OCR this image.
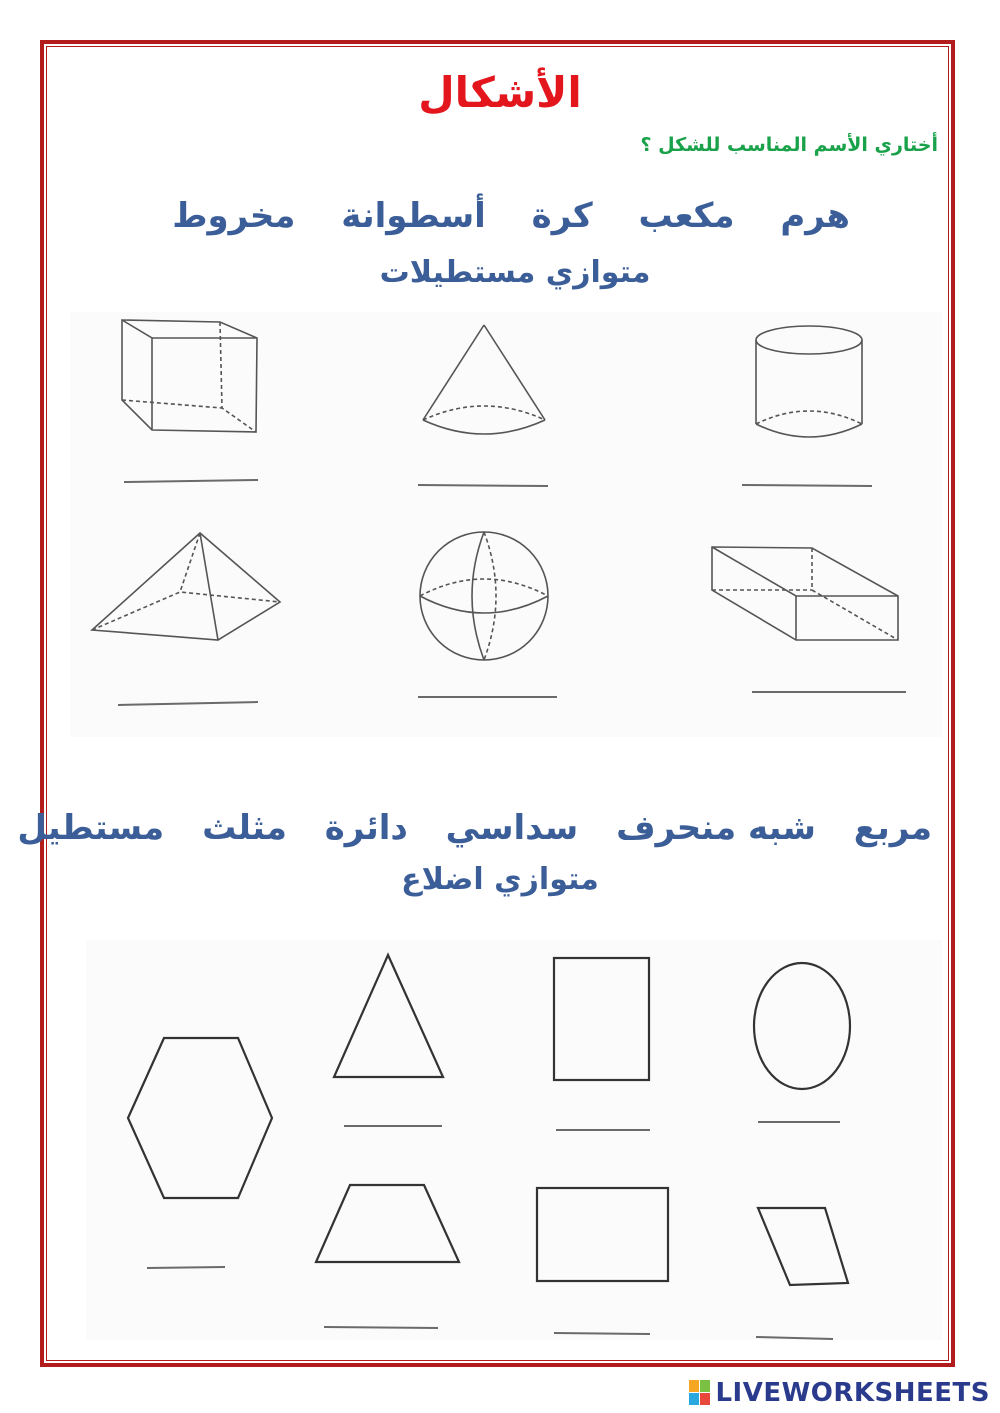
الأشكال
أختاري الأسم المناسب للشكل ؟
هرم مكعب كرة أسطوانة مخروط
متوازي مستطيلات
مربع شبه منحرف سداسي دائرة مثلث مستطيل
متوازي اضلاع
LIVEWORKSHEETS
